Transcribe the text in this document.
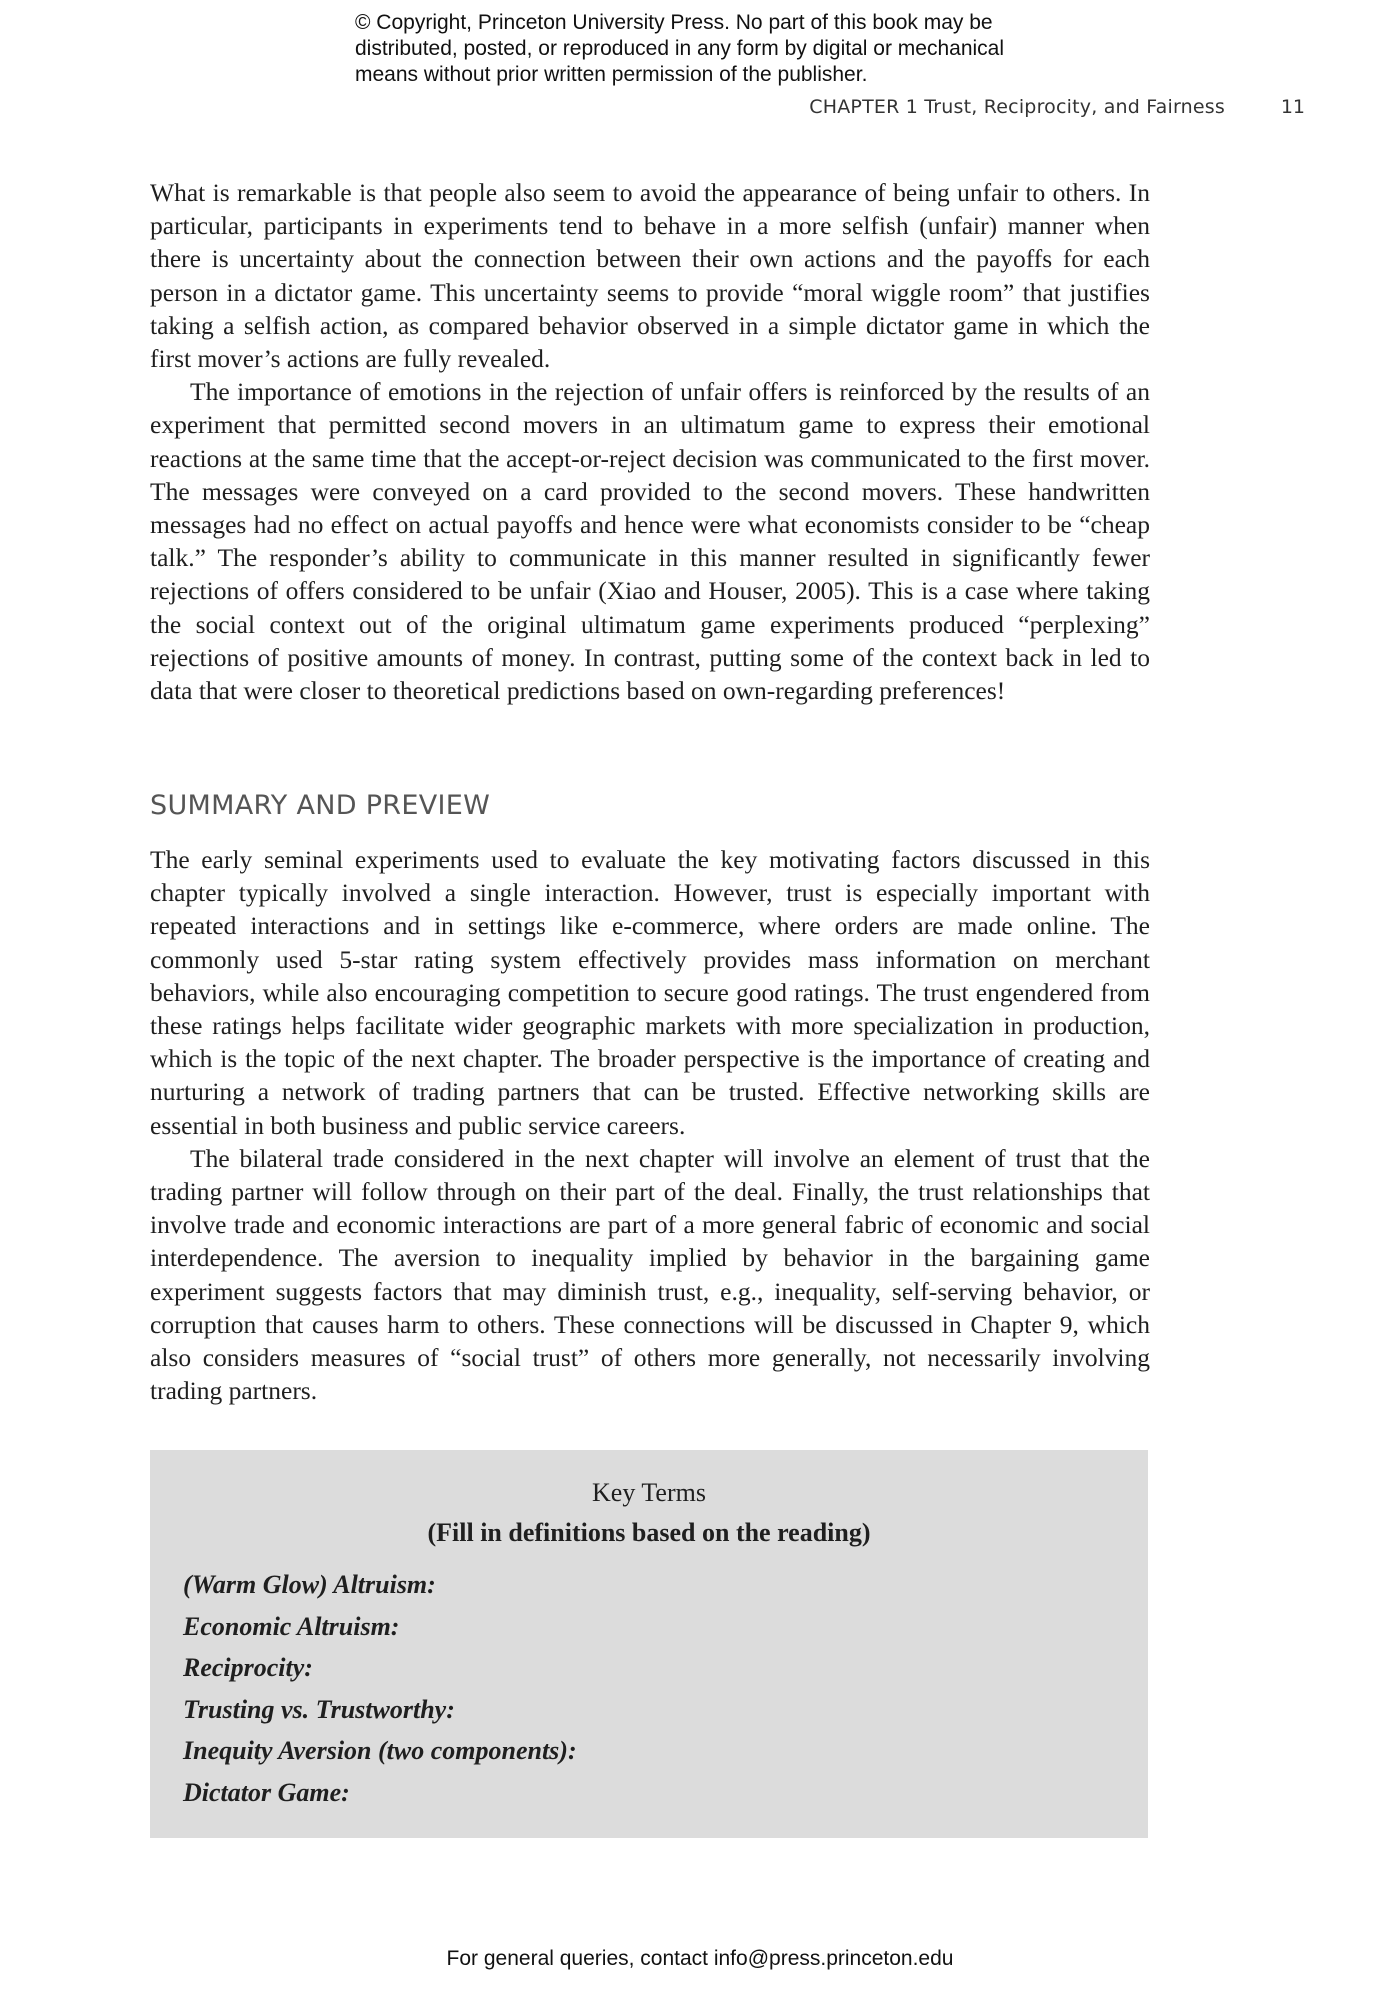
© Copyright, Princeton University Press. No part of this book may be
distributed, posted, or reproduced in any form by digital or mechanical
means without prior written permission of the publisher.
CHAPTER 1 Trust, Reciprocity, and Fairness	11

What is remarkable is that people also seem to avoid the appearance of being unfair to others. In particular, participants in experiments tend to behave in a more selfish (unfair) manner when there is uncertainty about the connection between their own actions and the payoffs for each person in a dictator game. This uncertainty seems to provide “moral wiggle room” that justifies taking a selfish action, as compared behavior observed in a simple dictator game in which the first mover’s actions are fully revealed.

The importance of emotions in the rejection of unfair offers is reinforced by the results of an experiment that permitted second movers in an ultimatum game to express their emotional reactions at the same time that the accept-or-reject decision was communicated to the first mover. The messages were conveyed on a card provided to the second movers. These handwritten messages had no effect on actual payoffs and hence were what economists consider to be “cheap talk.” The responder’s ability to communicate in this manner resulted in significantly fewer rejections of offers considered to be unfair (Xiao and Houser, 2005). This is a case where taking the social context out of the original ultimatum game experiments produced “perplexing” rejections of positive amounts of money. In contrast, putting some of the context back in led to data that were closer to theoretical predictions based on own-regarding preferences!

SUMMARY AND PREVIEW

The early seminal experiments used to evaluate the key motivating factors discussed in this chapter typically involved a single interaction. However, trust is especially important with repeated interactions and in settings like e-commerce, where orders are made online. The commonly used 5-star rating system effectively provides mass information on merchant behaviors, while also encouraging competition to secure good ratings. The trust engendered from these ratings helps facilitate wider geographic markets with more specialization in production, which is the topic of the next chapter. The broader perspective is the importance of creating and nurturing a network of trading partners that can be trusted. Effective networking skills are essential in both business and public service careers.

The bilateral trade considered in the next chapter will involve an element of trust that the trading partner will follow through on their part of the deal. Finally, the trust relationships that involve trade and economic interactions are part of a more general fabric of economic and social interdependence. The aversion to inequality implied by behavior in the bargaining game experiment suggests factors that may diminish trust, e.g., inequality, self-serving behavior, or corruption that causes harm to others. These connections will be discussed in Chapter 9, which also considers measures of “social trust” of others more generally, not necessarily involving trading partners.

Key Terms
(Fill in definitions based on the reading)
(Warm Glow) Altruism:
Economic Altruism:
Reciprocity:
Trusting vs. Trustworthy:
Inequity Aversion (two components):
Dictator Game:
For general queries, contact info@press.princeton.edu
